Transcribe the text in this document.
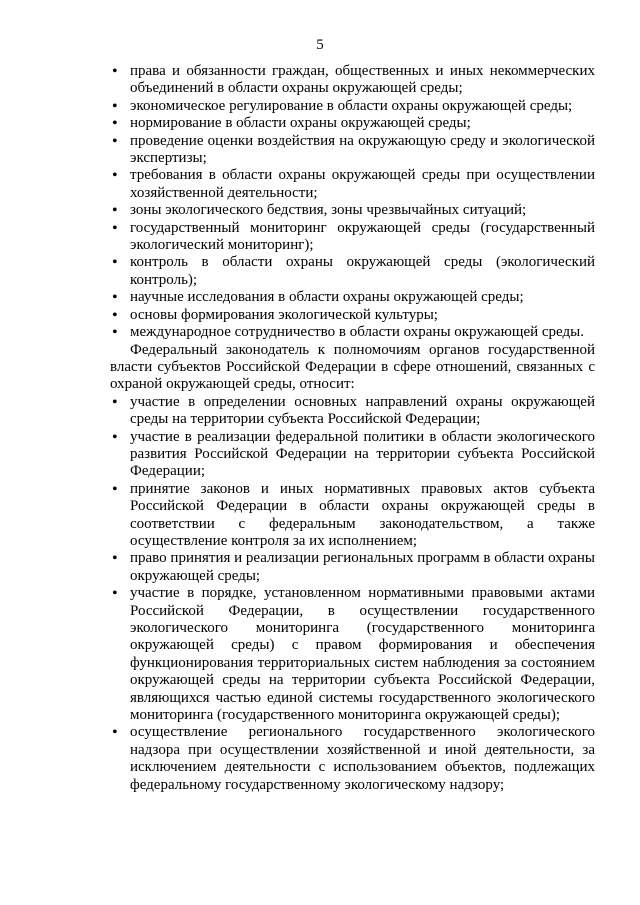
5
• права и обязанности граждан, общественных и иных некоммерческих объединений в области охраны окружающей среды;
• экономическое регулирование в области охраны окружающей среды;
• нормирование в области охраны окружающей среды;
• проведение оценки воздействия на окружающую среду и экологической экспертизы;
• требования в области охраны окружающей среды при осуществлении хозяйственной деятельности;
• зоны экологического бедствия, зоны чрезвычайных ситуаций;
• государственный мониторинг окружающей среды (государственный экологический мониторинг);
• контроль в области охраны окружающей среды (экологический контроль);
• научные исследования в области охраны окружающей среды;
• основы формирования экологической культуры;
• международное сотрудничество в области охраны окружающей среды.

Федеральный законодатель к полномочиям органов государственной власти субъектов Российской Федерации в сфере отношений, связанных с охраной окружающей среды, относит:

• участие в определении основных направлений охраны окружающей среды на территории субъекта Российской Федерации;
• участие в реализации федеральной политики в области экологического развития Российской Федерации на территории субъекта Российской Федерации;
• принятие законов и иных нормативных правовых актов субъекта Российской Федерации в области охраны окружающей среды в соответствии с федеральным законодательством, а также осуществление контроля за их исполнением;
• право принятия и реализации региональных программ в области охраны окружающей среды;
• участие в порядке, установленном нормативными правовыми актами Российской Федерации, в осуществлении государственного экологического мониторинга (государственного мониторинга окружающей среды) с правом формирования и обеспечения функционирования территориальных систем наблюдения за состоянием окружающей среды на территории субъекта Российской Федерации, являющихся частью единой системы государственного экологического мониторинга (государственного мониторинга окружающей среды);
• осуществление регионального государственного экологического надзора при осуществлении хозяйственной и иной деятельности, за исключением деятельности с использованием объектов, подлежащих федеральному государственному экологическому надзору;
